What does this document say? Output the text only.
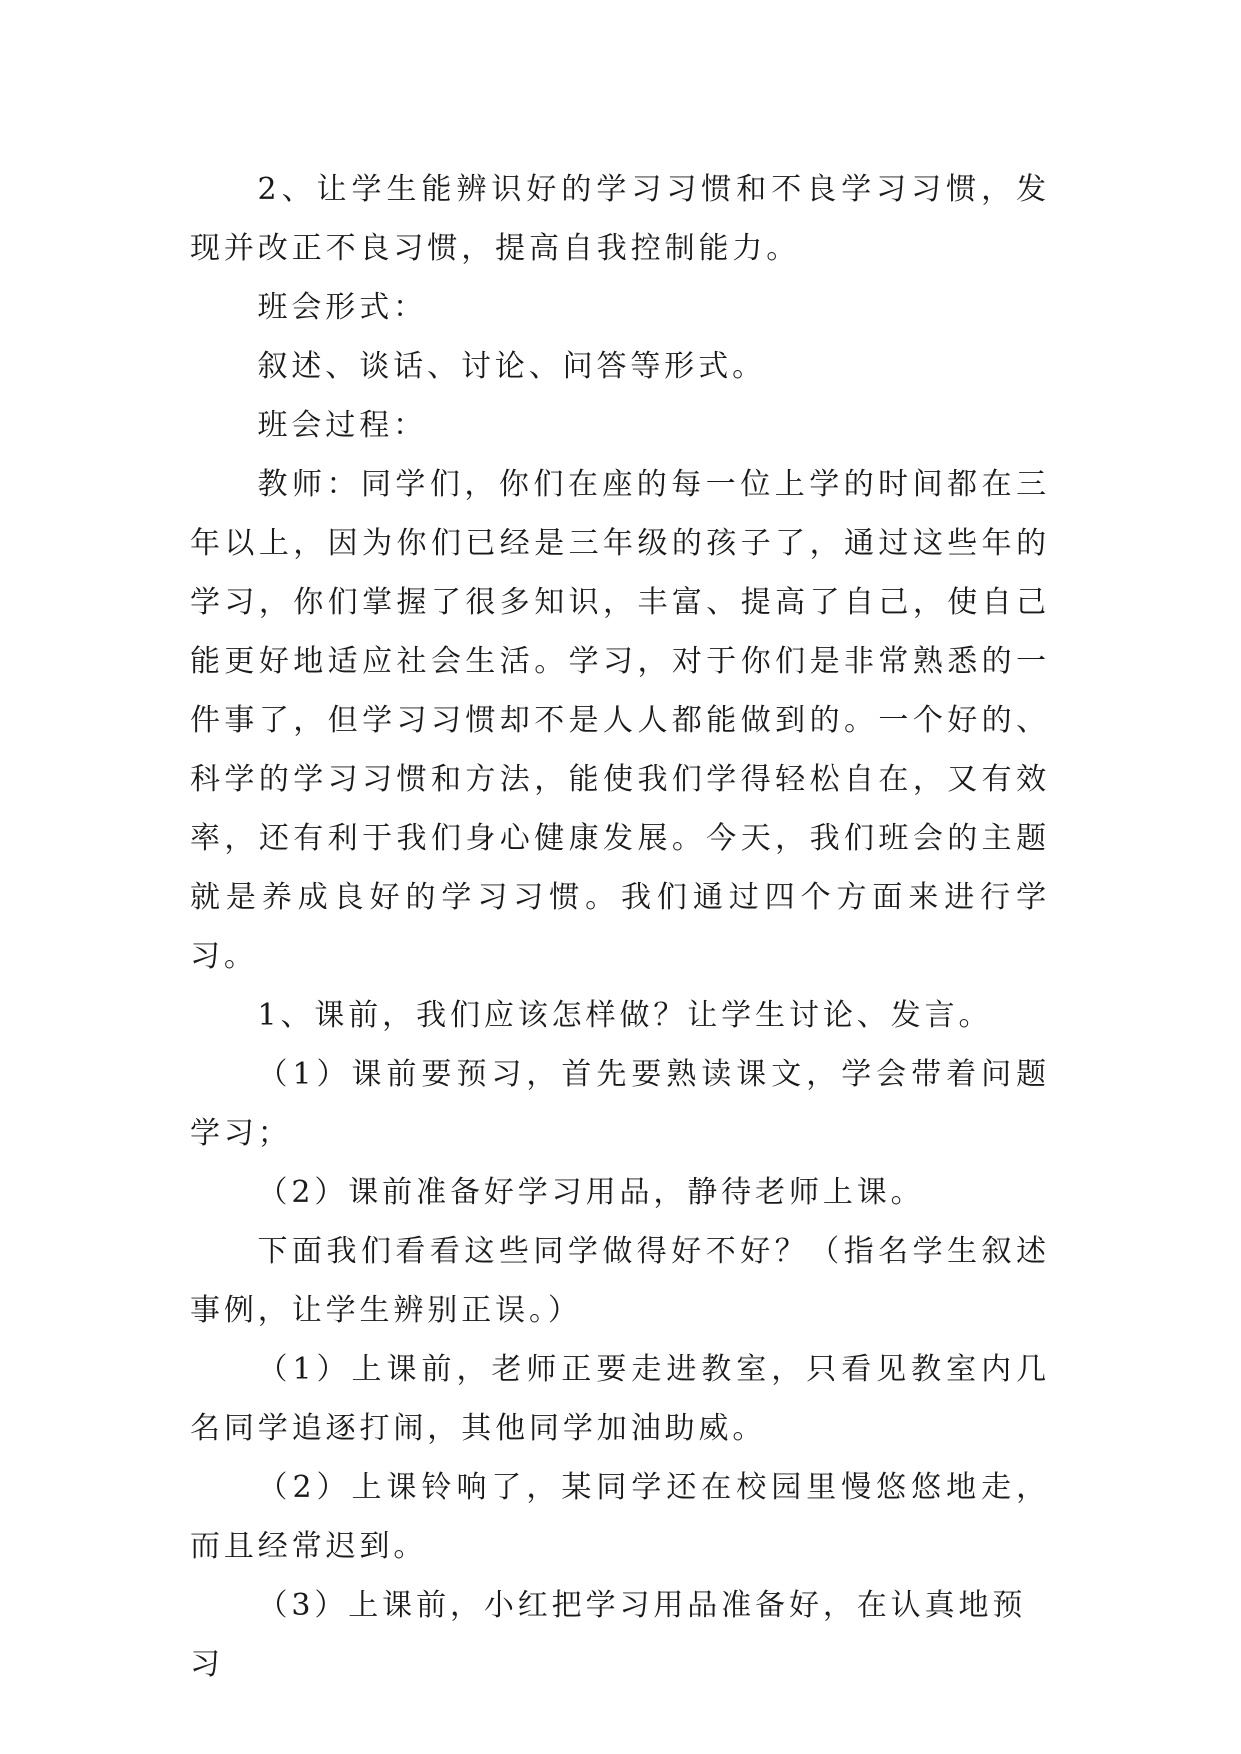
2、让学生能辨识好的学习习惯和不良学习习惯，发现并改正不良习惯，提高自我控制能力。

班会形式：

叙述、谈话、讨论、问答等形式。

班会过程：

教师：同学们，你们在座的每一位上学的时间都在三年以上，因为你们已经是三年级的孩子了，通过这些年的学习，你们掌握了很多知识，丰富、提高了自己，使自己能更好地适应社会生活。学习，对于你们是非常熟悉的一件事了，但学习习惯却不是人人都能做到的。一个好的、科学的学习习惯和方法，能使我们学得轻松自在，又有效率，还有利于我们身心健康发展。今天，我们班会的主题就是养成良好的学习习惯。我们通过四个方面来进行学习。

1、课前，我们应该怎样做？让学生讨论、发言。

（1）课前要预习，首先要熟读课文，学会带着问题学习；

（2）课前准备好学习用品，静待老师上课。

下面我们看看这些同学做得好不好？（指名学生叙述事例，让学生辨别正误。）

（1）上课前，老师正要走进教室，只看见教室内几名同学追逐打闹，其他同学加油助威。

（2）上课铃响了，某同学还在校园里慢悠悠地走，而且经常迟到。

（3）上课前，小红把学习用品准备好，在认真地预习
